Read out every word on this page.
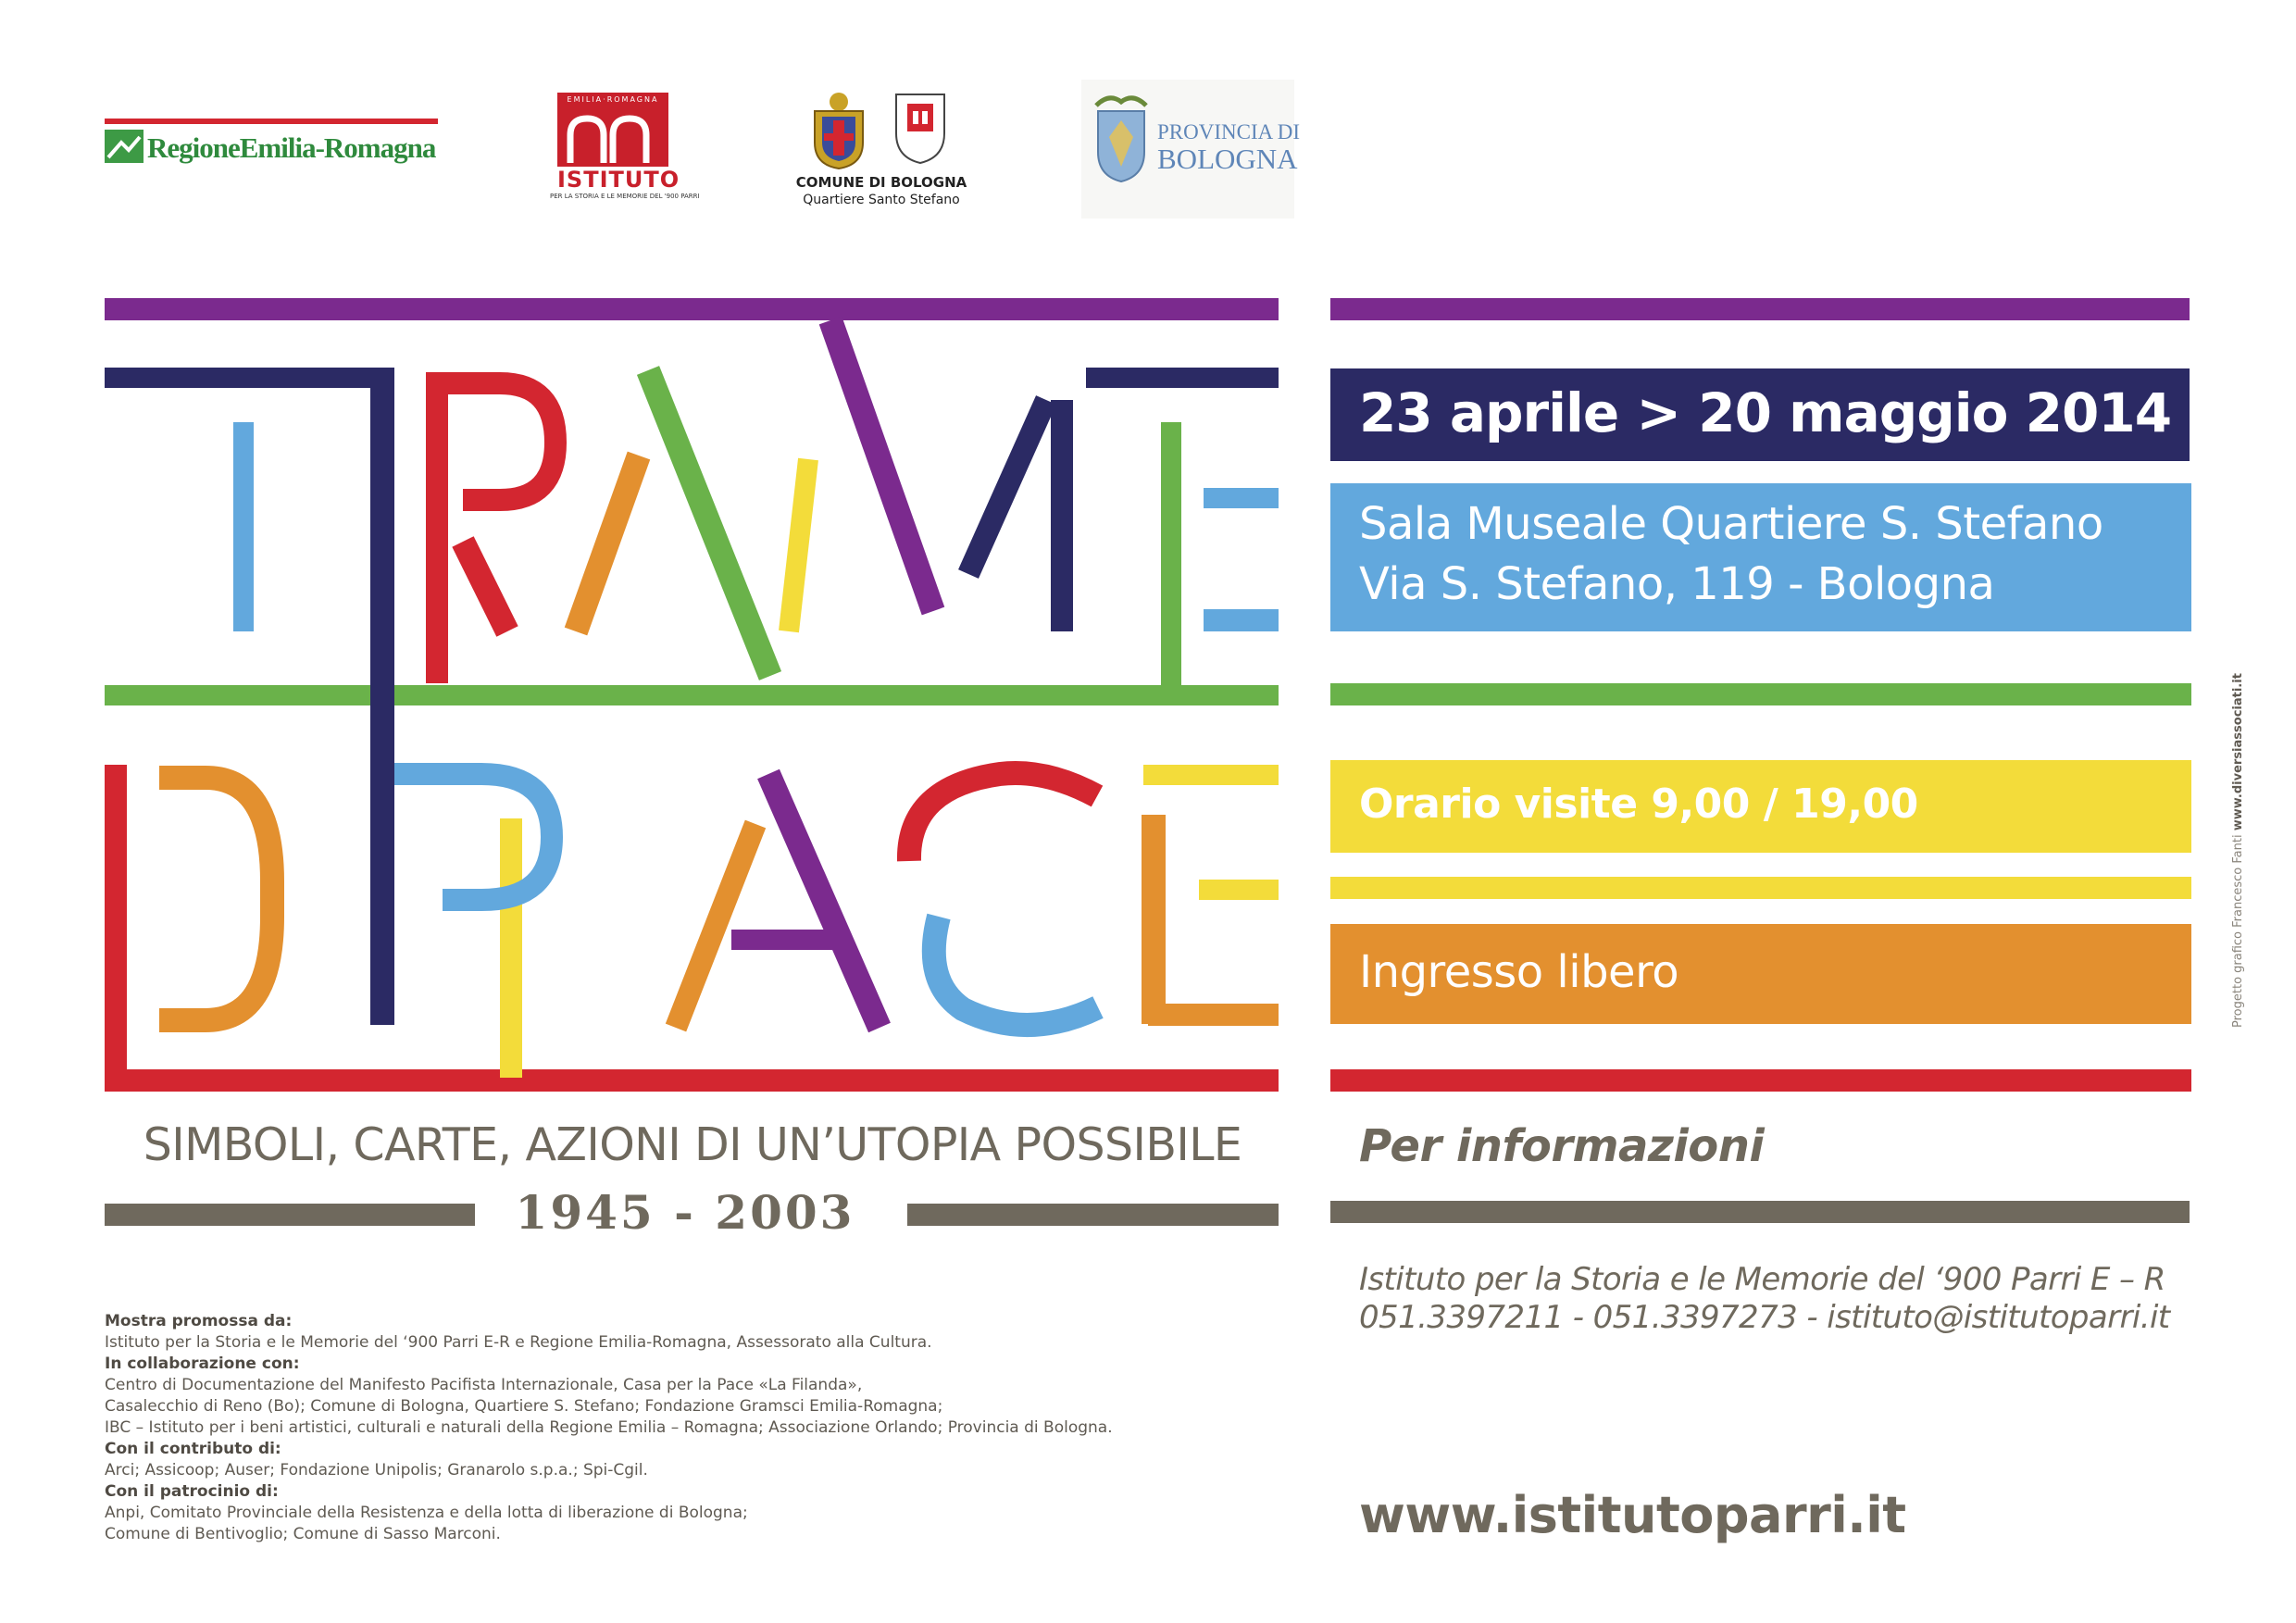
RegioneEmilia-Romagna
EMILIA·ROMAGNA
ISTITUTO
PER LA STORIA E LE MEMORIE DEL '900 PARRI
COMUNE DI BOLOGNA
Quartiere Santo Stefano
PROVINCIA DI
BOLOGNA
SIMBOLI, CARTE, AZIONI DI UN’UTOPIA POSSIBILE
1945 - 2003
23 aprile > 20 maggio 2014
Sala Museale Quartiere S. Stefano
Via S. Stefano, 119 - Bologna
Orario visite 9,00 / 19,00
Ingresso libero
Per informazioni
Istituto per la Storia e le Memorie del ‘900 Parri E – R
051.3397211 - 051.3397273 - istituto@istitutoparri.it
www.istitutoparri.it
Mostra promossa da:
Istituto per la Storia e le Memorie del ‘900 Parri E-R e Regione Emilia-Romagna, Assessorato alla Cultura.
In collaborazione con:
Centro di Documentazione del Manifesto Pacifista Internazionale, Casa per la Pace «La Filanda»,
Casalecchio di Reno (Bo); Comune di Bologna, Quartiere S. Stefano; Fondazione Gramsci Emilia-Romagna;
IBC – Istituto per i beni artistici, culturali e naturali della Regione Emilia – Romagna; Associazione Orlando; Provincia di Bologna.
Con il contributo di:
Arci; Assicoop; Auser; Fondazione Unipolis; Granarolo s.p.a.; Spi-Cgil.
Con il patrocinio di:
Anpi, Comitato Provinciale della Resistenza e della lotta di liberazione di Bologna;
Comune di Bentivoglio; Comune di Sasso Marconi.
Progetto grafico Francesco Fanti www.diversiassociati.it
